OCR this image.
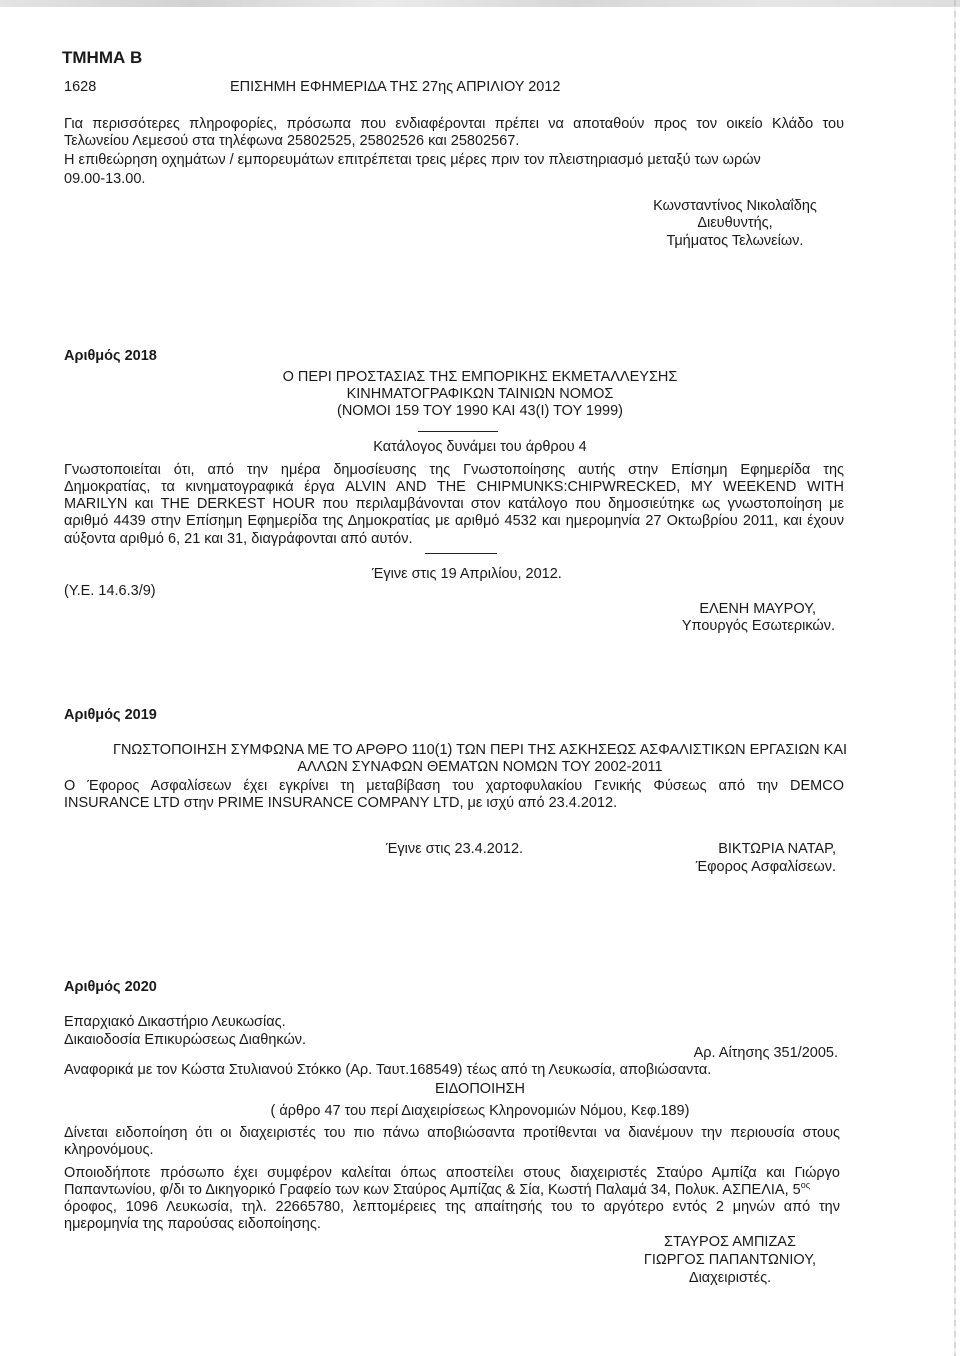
ΤΜΗΜΑ Β
1628	ΕΠΙΣΗΜΗ ΕΦΗΜΕΡΙΔΑ ΤΗΣ 27ης ΑΠΡΙΛΙΟΥ 2012
Για περισσότερες πληροφορίες, πρόσωπα που ενδιαφέρονται πρέπει να αποταθούν προς τον οικείο Κλάδο του
Τελωνείου Λεμεσού στα τηλέφωνα 25802525, 25802526 και 25802567.
Η επιθεώρηση οχημάτων / εμπορευμάτων επιτρέπεται τρεις μέρες πριν τον πλειστηριασμό μεταξύ των ωρών
09.00-13.00.
Κωνσταντίνος Νικολαΐδης
Διευθυντής,
Τμήματος Τελωνείων.
Αριθμός 2018
Ο ΠΕΡΙ ΠΡΟΣΤΑΣΙΑΣ ΤΗΣ ΕΜΠΟΡΙΚΗΣ ΕΚΜΕΤΑΛΛΕΥΣΗΣ
ΚΙΝΗΜΑΤΟΓΡΑΦΙΚΩΝ ΤΑΙΝΙΩΝ ΝΟΜΟΣ
(ΝΟΜΟΙ 159 ΤΟΥ 1990 ΚΑΙ 43(Ι) ΤΟΥ 1999)
Κατάλογος δυνάμει του άρθρου 4
Γνωστοποιείται ότι, από την ημέρα δημοσίευσης της Γνωστοποίησης αυτής στην Επίσημη Εφημερίδα της
Δημοκρατίας, τα κινηματογραφικά έργα ALVIN AND THE CHIPMUNKS:CHIPWRECKED, MY WEEKEND WITH
MARILYN και THE DERKEST HOUR που περιλαμβάνονται στον κατάλογο που δημοσιεύτηκε ως γνωστοποίηση με
αριθμό 4439 στην Επίσημη Εφημερίδα της Δημοκρατίας με αριθμό 4532 και ημερομηνία 27 Οκτωβρίου 2011, και έχουν
αύξοντα αριθμό 6, 21 και 31, διαγράφονται από αυτόν.
Έγινε στις 19 Απριλίου, 2012.
(Υ.Ε. 14.6.3/9)
ΕΛΕΝΗ ΜΑΥΡΟΥ,
Υπουργός Εσωτερικών.
Αριθμός 2019
ΓΝΩΣΤΟΠΟΙΗΣΗ ΣΥΜΦΩΝΑ ΜΕ ΤΟ ΑΡΘΡΟ 110(1) ΤΩΝ ΠΕΡΙ ΤΗΣ ΑΣΚΗΣΕΩΣ ΑΣΦΑΛΙΣΤΙΚΩΝ ΕΡΓΑΣΙΩΝ ΚΑΙ
ΑΛΛΩΝ ΣΥΝΑΦΩΝ ΘΕΜΑΤΩΝ ΝΟΜΩΝ ΤΟΥ 2002-2011
Ο Έφορος Ασφαλίσεων έχει εγκρίνει τη μεταβίβαση του χαρτοφυλακίου Γενικής Φύσεως από την DEMCO
INSURANCE LTD στην PRIME INSURANCE COMPANY LTD, με ισχύ από 23.4.2012.
Έγινε στις 23.4.2012.	ΒΙΚΤΩΡΙΑ ΝΑΤΑΡ,
Έφορος Ασφαλίσεων.
Αριθμός 2020
Επαρχιακό Δικαστήριο Λευκωσίας.
Δικαιοδοσία Επικυρώσεως Διαθηκών.
Αρ. Αίτησης 351/2005.
Αναφορικά με τον Κώστα Στυλιανού Στόκκο (Αρ. Ταυτ.168549) τέως από τη Λευκωσία, αποβιώσαντα.
ΕΙΔΟΠΟΙΗΣΗ
( άρθρο 47 του περί Διαχειρίσεως Κληρονομιών Νόμου, Κεφ.189)
Δίνεται ειδοποίηση ότι οι διαχειριστές του πιο πάνω αποβιώσαντα προτίθενται να διανέμουν την περιουσία στους
κληρονόμους.
Οποιοδήποτε πρόσωπο έχει συμφέρον καλείται όπως αποστείλει στους διαχειριστές Σταύρο Αμπίζα και Γιώργο
Παπαντωνίου, φ/δι το Δικηγορικό Γραφείο των κων Σταύρος Αμπίζας & Σία, Κωστή Παλαμά 34, Πολυκ. ΑΣΠΕΛΙΑ, $5^{o\varsigma}$
όροφος, 1096 Λευκωσία, τηλ. 22665780, λεπτομέρειες της απαίτησής του το αργότερο εντός 2 μηνών από την
ημερομηνία της παρούσας ειδοποίησης.
ΣΤΑΥΡΟΣ ΑΜΠΙΖΑΣ
ΓΙΩΡΓΟΣ ΠΑΠΑΝΤΩΝΙΟΥ,
Διαχειριστές.
